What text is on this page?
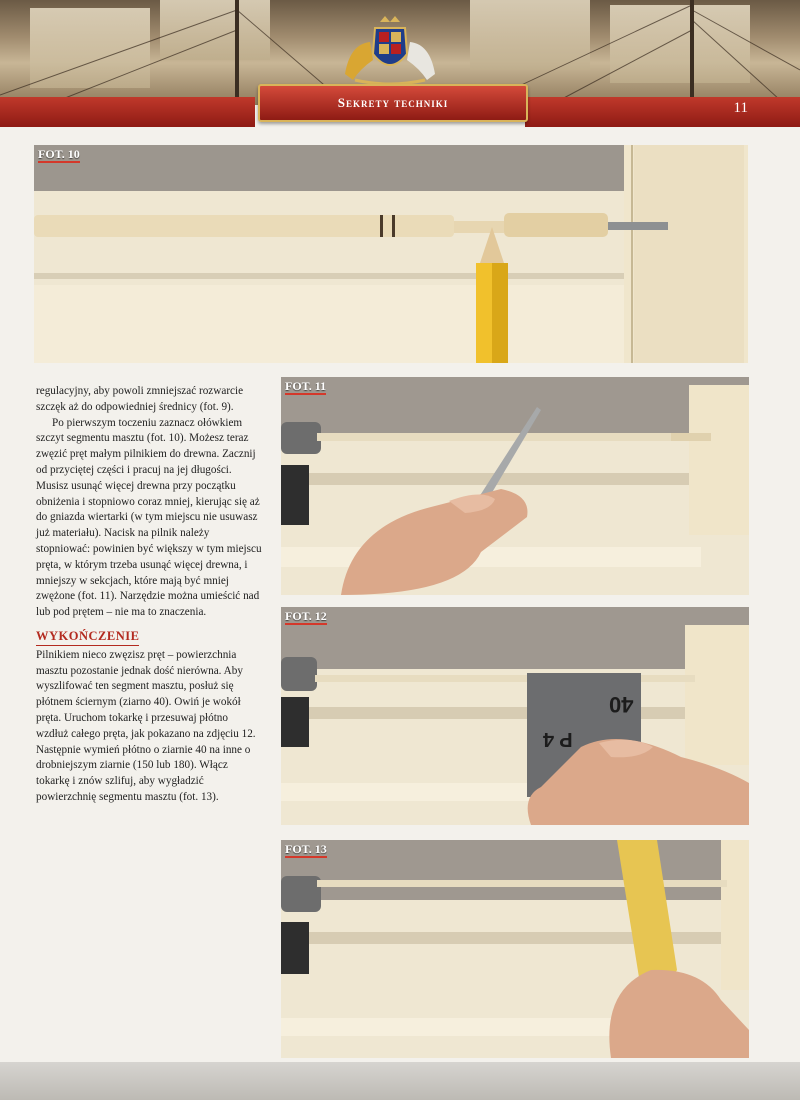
Sekrety techniki	11
FOT. 10
FOT. 11
FOT. 12
40
P 4
FOT. 13

regulacyjny, aby powoli zmniejszać rozwarcie szczęk aż do odpowiedniej średnicy (fot. 9).

Po pierwszym toczeniu zaznacz ołówkiem szczyt segmentu masztu (fot. 10). Możesz teraz zwęzić pręt małym pilnikiem do drewna. Zacznij od przyciętej części i pracuj na jej długości. Musisz usunąć więcej drewna przy początku obniżenia i stopniowo coraz mniej, kierując się aż do gniazda wiertarki (w tym miejscu nie usuwasz już materiału). Nacisk na pilnik należy stopniować: powinien być większy w tym miejscu pręta, w którym trzeba usunąć więcej drewna, i mniejszy w sekcjach, które mają być mniej zwężone (fot. 11). Narzędzie można umieścić nad lub pod prętem – nie ma to znaczenia.

WYKOŃCZENIE

Pilnikiem nieco zwęzisz pręt – powierzchnia masztu pozostanie jednak dość nierówna. Aby wyszlifować ten segment masztu, posłuż się płótnem ściernym (ziarno 40). Owiń je wokół pręta. Uruchom tokarkę i przesuwaj płótno wzdłuż całego pręta, jak pokazano na zdjęciu 12. Następnie wymień płótno o ziarnie 40 na inne o drobniejszym ziarnie (150 lub 180). Włącz tokarkę i znów szlifuj, aby wygładzić powierzchnię segmentu masztu (fot. 13).
